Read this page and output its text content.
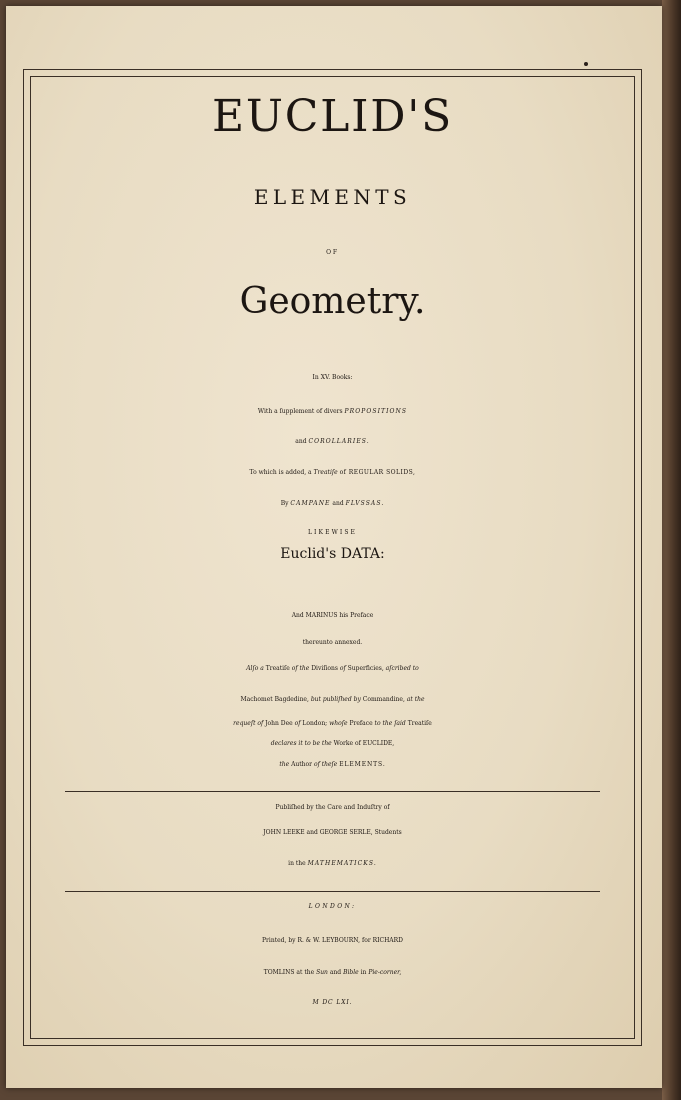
EUCLID'S
ELEMENTS
OF
Geometry.
In XV. Books:
With a ſupplement of divers PROPOSITIONS
and COROLLARIES.
To which is added, a Treatiſe of REGULAR SOLIDS,
By CAMPANE and FLVSSAS.
LIKEWISE
Euclid's DATA:
And MARINUS his Preface
thereunto annexed.
Alſo a Treatiſe of the Diviſions of Superficies, aſcribed to
Machomet Bagdedine, but publiſhed by Commandine, at the
requeſt of John Dee of London; whoſe Preface to the ſaid Treatiſe
declares it to be the Worke of EUCLIDE,
the Author of theſe ELEMENTS.
Publiſhed by the Care and Induſtry of
JOHN LEEKE and GEORGE SERLE, Students
in the MATHEMATICKS.
LONDON:
Printed, by R. & W. LEYBOURN, for RICHARD
TOMLINS at the Sun and Bible in Pie-corner,
M DC LXI.
